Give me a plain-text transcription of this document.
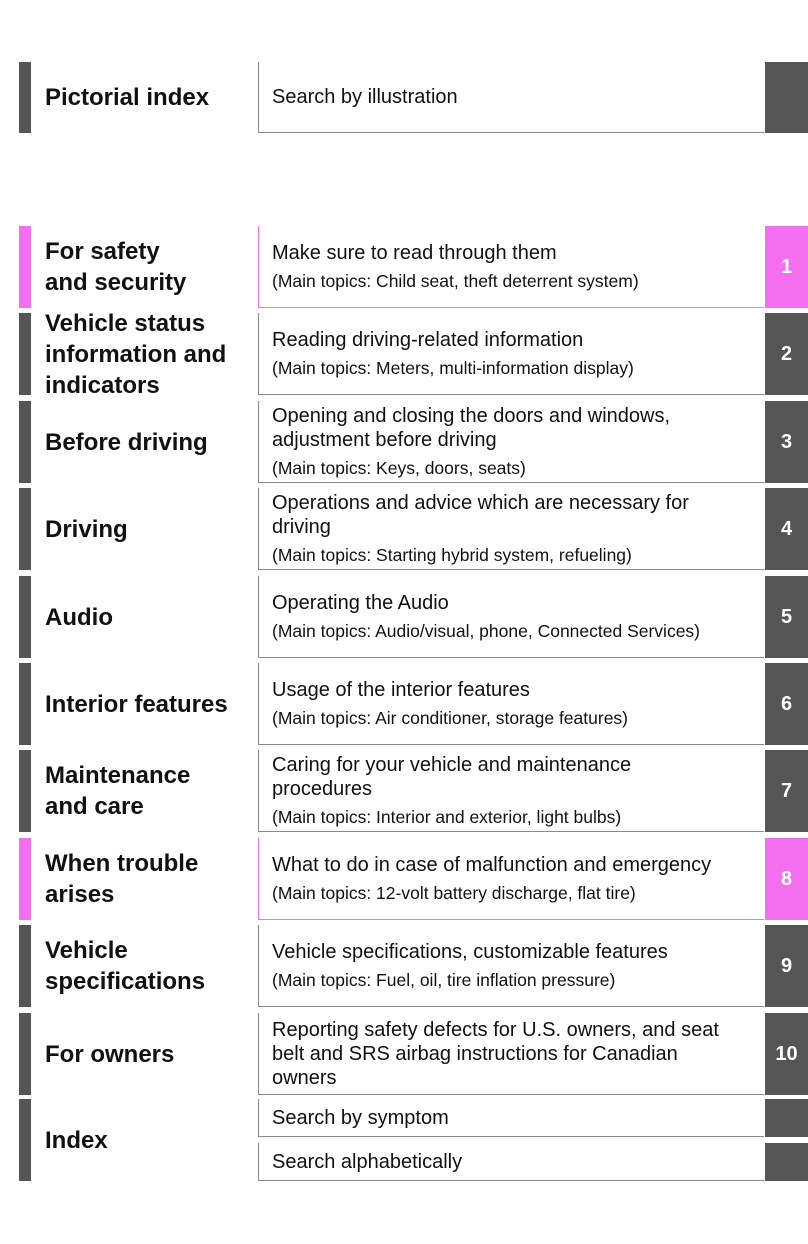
Pictorial index	Search by illustration
For safety
and security
Make sure to read through them
(Main topics: Child seat, theft deterrent system)
1
Vehicle status
information and
indicators
Reading driving-related information
(Main topics: Meters, multi-information display)
2
Before driving
Opening and closing the doors and windows,
adjustment before driving
(Main topics: Keys, doors, seats)
3
Driving
Operations and advice which are necessary for
driving
(Main topics: Starting hybrid system, refueling)
4
Audio
Operating the Audio
(Main topics: Audio/visual, phone, Connected Services)
5
Interior features
Usage of the interior features
(Main topics: Air conditioner, storage features)
6
Maintenance
and care
Caring for your vehicle and maintenance
procedures
(Main topics: Interior and exterior, light bulbs)
7
When trouble
arises
What to do in case of malfunction and emergency
(Main topics: 12-volt battery discharge, flat tire)
8
Vehicle
specifications
Vehicle specifications, customizable features
(Main topics: Fuel, oil, tire inflation pressure)
9
For owners
Reporting safety defects for U.S. owners, and seat
belt and SRS airbag instructions for Canadian
owners
10
Index
Search by symptom
Search alphabetically
